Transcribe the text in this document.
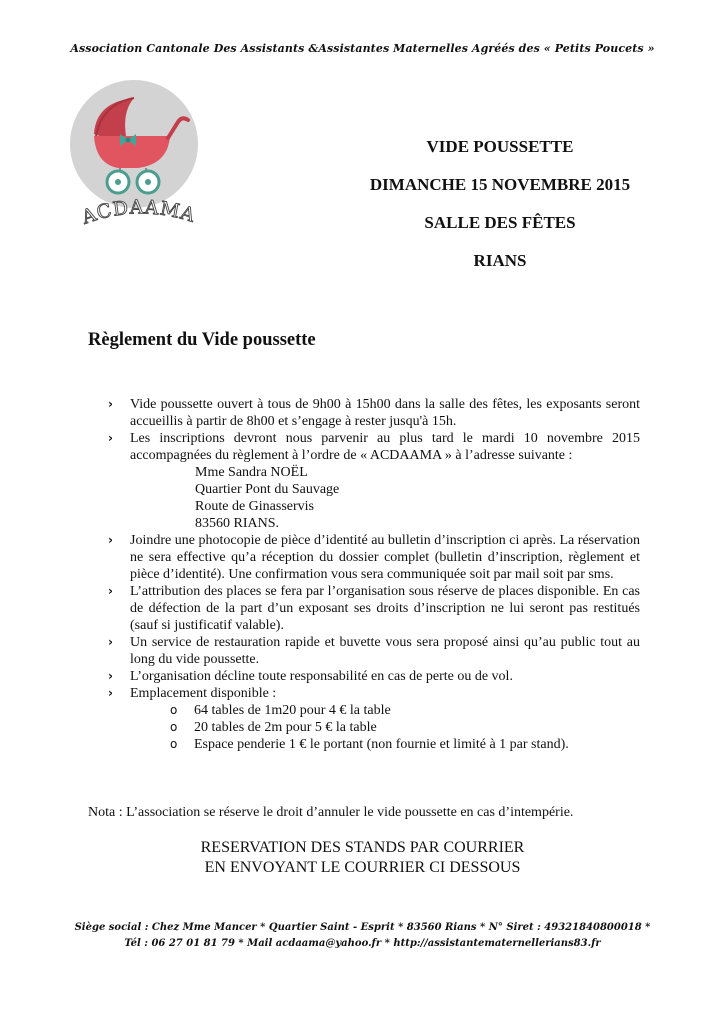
Association Cantonale Des Assistants &Assistantes Maternelles Agréés des « Petits Poucets »
ACDAAMA
VIDE POUSSETTE
DIMANCHE 15 NOVEMBRE 2015
SALLE DES FÊTES
RIANS
Règlement du Vide poussette
› Vide poussette ouvert à tous de 9h00 à 15h00 dans la salle des fêtes, les exposants seront accueillis à partir de 8h00 et s’engage à rester jusqu'à 15h.
› Les inscriptions devront nous parvenir au plus tard le mardi 10 novembre 2015 accompagnées du règlement à l’ordre de « ACDAAMA » à l’adresse suivante :
Mme Sandra NOËL
Quartier Pont du Sauvage
Route de Ginasservis
83560 RIANS.
› Joindre une photocopie de pièce d’identité au bulletin d’inscription ci après. La réservation ne sera effective qu’a réception du dossier complet (bulletin d’inscription, règlement et pièce d’identité). Une confirmation vous sera communiquée soit par mail soit par sms.
› L’attribution des places se fera par l’organisation sous réserve de places disponible. En cas de défection de la part d’un exposant ses droits d’inscription ne lui seront pas restitués (sauf si justificatif valable).
› Un service de restauration rapide et buvette vous sera proposé ainsi qu’au public tout au long du vide poussette.
› L’organisation décline toute responsabilité en cas de perte ou de vol.
› Emplacement disponible :
o 64 tables de 1m20 pour 4 € la table
o 20 tables de 2m pour 5 € la table
o Espace penderie 1 € le portant (non fournie et limité à 1 par stand).
Nota : L’association se réserve le droit d’annuler le vide poussette en cas d’intempérie.
RESERVATION DES STANDS PAR COURRIER
EN ENVOYANT LE COURRIER CI DESSOUS
Siège social : Chez Mme Mancer * Quartier Saint - Esprit * 83560 Rians * N° Siret : 49321840800018 *
Tél : 06 27 01 81 79 * Mail acdaama@yahoo.fr * http://assistantematernellerians83.fr
